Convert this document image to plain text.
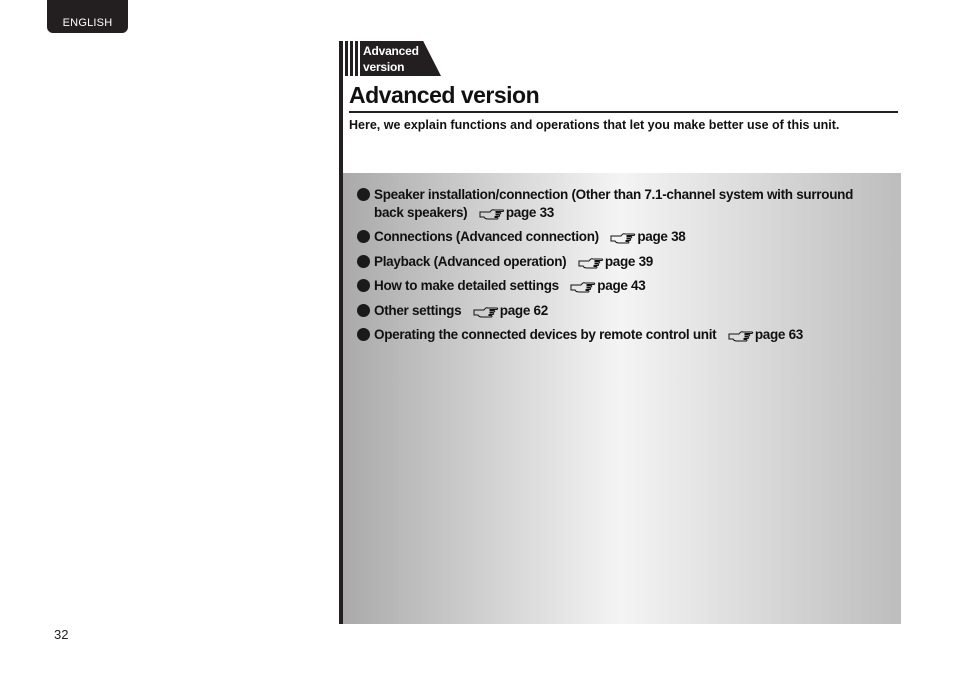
ENGLISH
Advanced
version
Advanced version
Here, we explain functions and operations that let you make better use of this unit.
Speaker installation/connection (Other than 7.1-channel system with surround
back speakers)	page 33
Connections (Advanced connection)	page 38
Playback (Advanced operation)	page 39
How to make detailed settings	page 43
Other settings	page 62
Operating the connected devices by remote control unit	page 63
32
